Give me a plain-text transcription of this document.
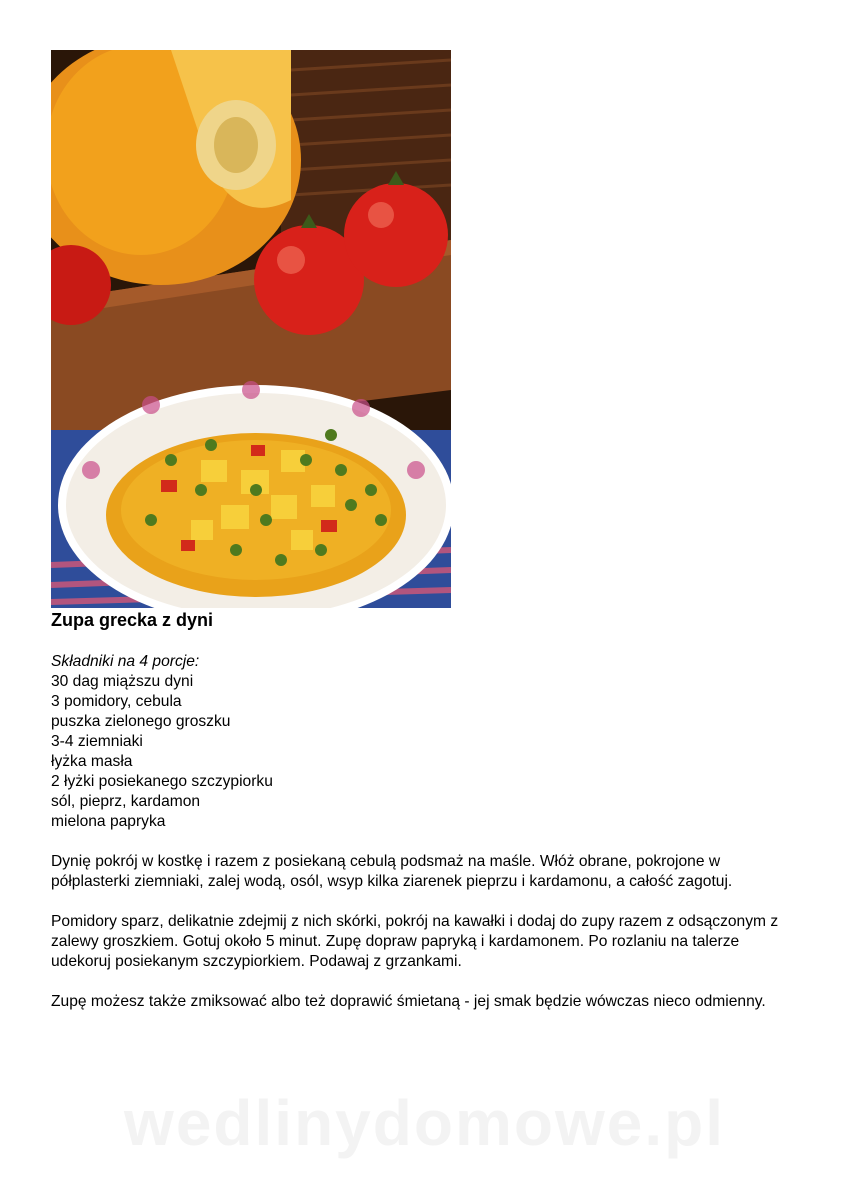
Zupa grecka z dyni

Składniki na 4 porcje:

30 dag miąższu dyni
3 pomidory, cebula
puszka zielonego groszku
3-4 ziemniaki
łyżka masła
2 łyżki posiekanego szczypiorku
sól, pieprz, kardamon
mielona papryka

Dynię pokrój w kostkę i razem z posiekaną cebulą podsmaż na maśle. Włóż obrane, pokrojone w półplasterki ziemniaki, zalej wodą, osól, wsyp kilka ziarenek pieprzu i kardamonu, a całość zagotuj.

Pomidory sparz, delikatnie zdejmij z nich skórki, pokrój na kawałki i dodaj do zupy razem z odsączonym z zalewy groszkiem. Gotuj około 5 minut. Zupę dopraw papryką i kardamonem. Po rozlaniu na talerze udekoruj posiekanym szczypiorkiem. Podawaj z grzankami.

Zupę możesz także zmiksować albo też doprawić śmietaną - jej smak będzie wówczas nieco odmienny.

wedlinydomowe.pl
